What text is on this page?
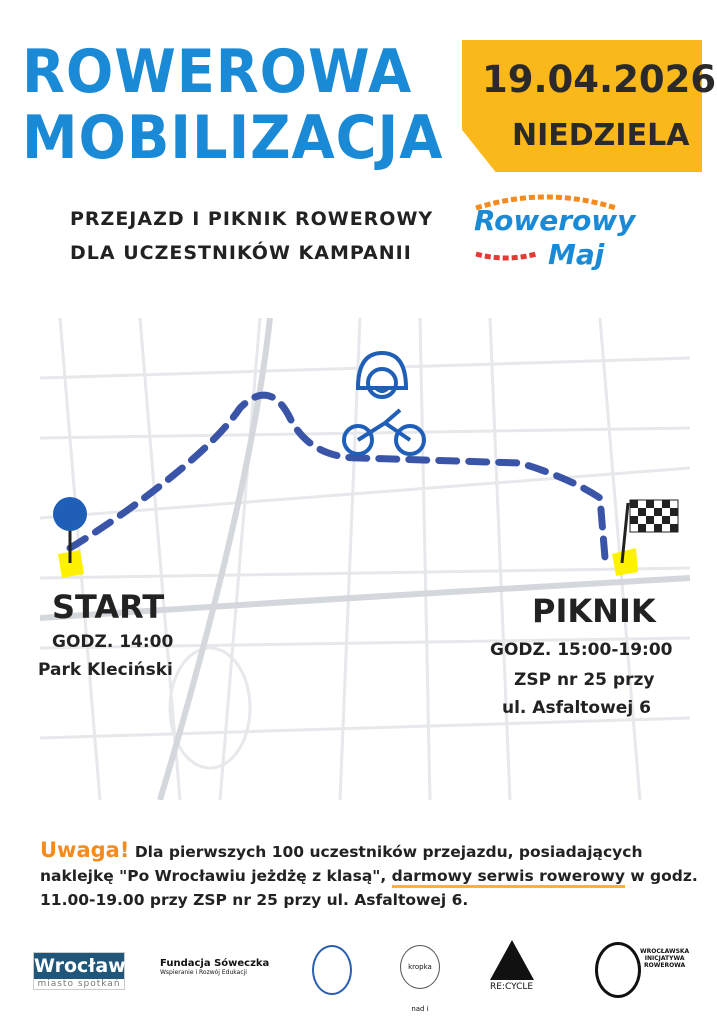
ROWEROWA
MOBILIZACJA
19.04.2026
NIEDZIELA
PRZEJAZD I PIKNIK ROWEROWY
DLA UCZESTNIKÓW KAMPANII
Rowerowy
Maj
START
GODZ. 14:00
Park Kleciński
PIKNIK
GODZ. 15:00-19:00
ZSP nr 25 przy
ul. Asfaltowej 6
Uwaga! Dla pierwszych 100 uczestników przejazdu, posiadających naklejkę "Po Wrocławiu jeżdżę z klasą", darmowy serwis rowerowy w godz. 11.00-19.00 przy ZSP nr 25 przy ul. Asfaltowej 6.
Wrocław
miasto spotkań
Fundacja Sóweczka
Wspieranie i Rozwój Edukacji
kropka nad i
RE:CYCLE
WROCŁAWSKA
INICJATYWA
ROWEROWA
